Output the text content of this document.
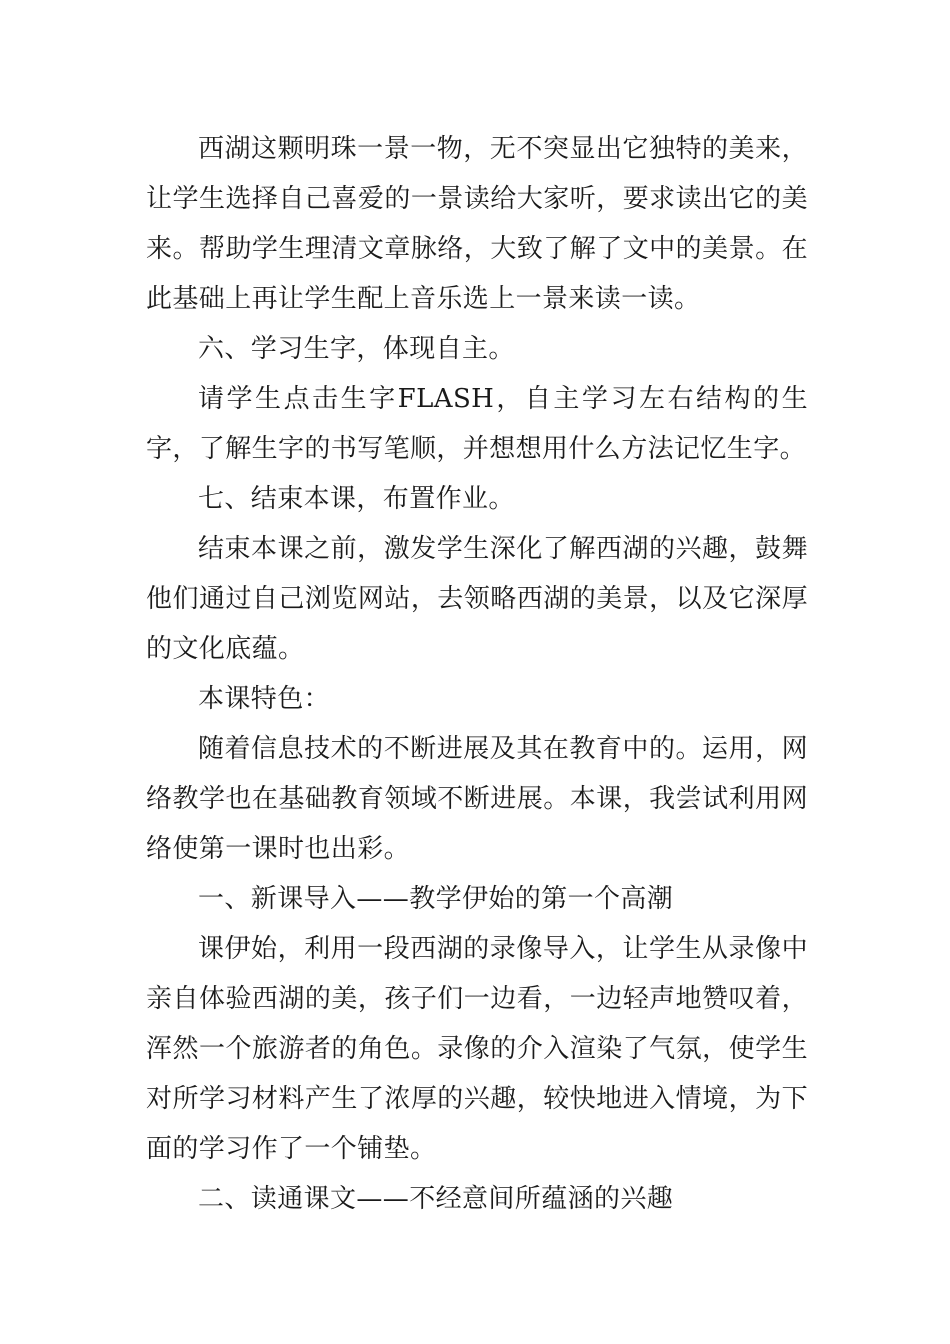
西湖这颗明珠一景一物，无不突显出它独特的美来，让学生选择自己喜爱的一景读给大家听，要求读出它的美来。帮助学生理清文章脉络，大致了解了文中的美景。在此基础上再让学生配上音乐选上一景来读一读。

六、学习生字，体现自主。

请学生点击生字FLASH，自主学习左右结构的生字，了解生字的书写笔顺，并想想用什么方法记忆生字。

七、结束本课，布置作业。

结束本课之前，激发学生深化了解西湖的兴趣，鼓舞他们通过自己浏览网站，去领略西湖的美景，以及它深厚的文化底蕴。

本课特色：

随着信息技术的不断进展及其在教育中的。运用，网络教学也在基础教育领域不断进展。本课，我尝试利用网络使第一课时也出彩。

一、新课导入——教学伊始的第一个高潮

课伊始，利用一段西湖的录像导入，让学生从录像中亲自体验西湖的美，孩子们一边看，一边轻声地赞叹着，浑然一个旅游者的角色。录像的介入渲染了气氛，使学生对所学习材料产生了浓厚的兴趣，较快地进入情境，为下面的学习作了一个铺垫。

二、读通课文——不经意间所蕴涵的兴趣
